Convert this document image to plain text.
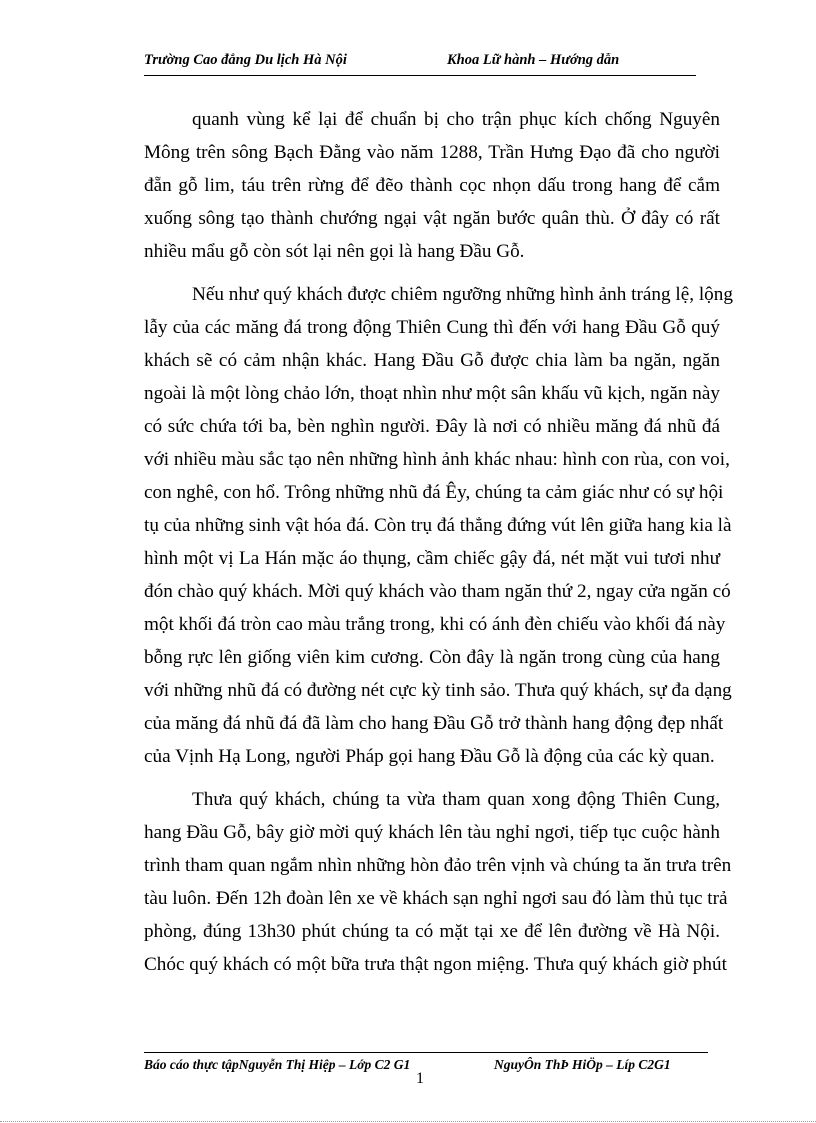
Trường Cao đẳng Du lịch Hà Nội	Khoa Lữ hành – Hướng dẫn
quanh vùng kể lại để chuẩn bị cho trận phục kích chống Nguyên
Mông trên sông Bạch Đằng vào năm 1288, Trần Hưng Đạo đã cho người
đẵn gỗ lim, táu trên rừng để đẽo thành cọc nhọn dấu trong hang để cắm
xuống sông tạo thành chướng ngại vật ngăn bước quân thù. Ở đây có rất
nhiều mẩu gỗ còn sót lại nên gọi là hang Đầu Gỗ.
Nếu như quý khách được chiêm ngưỡng những hình ảnh tráng lệ, lộng
lẫy của các măng đá trong động Thiên Cung thì đến với hang Đầu Gỗ quý
khách sẽ có cảm nhận khác. Hang Đầu Gỗ được chia làm ba ngăn, ngăn
ngoài là một lòng chảo lớn, thoạt nhìn như một sân khấu vũ kịch, ngăn này
có sức chứa tới ba, bèn nghìn người. Đây là nơi có nhiều măng đá nhũ đá
với nhiều màu sắc tạo nên những hình ảnh khác nhau: hình con rùa, con voi,
con nghê, con hổ. Trông những nhũ đá Êy, chúng ta cảm giác như có sự hội
tụ của những sinh vật hóa đá. Còn trụ đá thẳng đứng vút lên giữa hang kia là
hình một vị La Hán mặc áo thụng, cầm chiếc gậy đá, nét mặt vui tươi như
đón chào quý khách. Mời quý khách vào tham ngăn thứ 2, ngay cửa ngăn có
một khối đá tròn cao màu trắng trong, khi có ánh đèn chiếu vào khối đá này
bỗng rực lên giống viên kim cương. Còn đây là ngăn trong cùng của hang
với những nhũ đá có đường nét cực kỳ tinh sảo. Thưa quý khách, sự đa dạng
của măng đá nhũ đá đã làm cho hang Đầu Gỗ trở thành hang động đẹp nhất
của Vịnh Hạ Long, người Pháp gọi hang Đầu Gỗ là động của các kỳ quan.
Thưa quý khách, chúng ta vừa tham quan xong động Thiên Cung,
hang Đầu Gỗ, bây giờ mời quý khách lên tàu nghỉ ngơi, tiếp tục cuộc hành
trình tham quan ngắm nhìn những hòn đảo trên vịnh và chúng ta ăn trưa trên
tàu luôn. Đến 12h đoàn lên xe về khách sạn nghỉ ngơi sau đó làm thủ tục trả
phòng, đúng 13h30 phút chúng ta có mặt tại xe để lên đường về Hà Nội.
Chóc quý khách có một bữa trưa thật ngon miệng. Thưa quý khách giờ phút
Báo cáo thực tậpNguyễn Thị Hiệp – Lớp C2 G1	NguyÔn ThÞ HiÖp – Líp C2G1
1
